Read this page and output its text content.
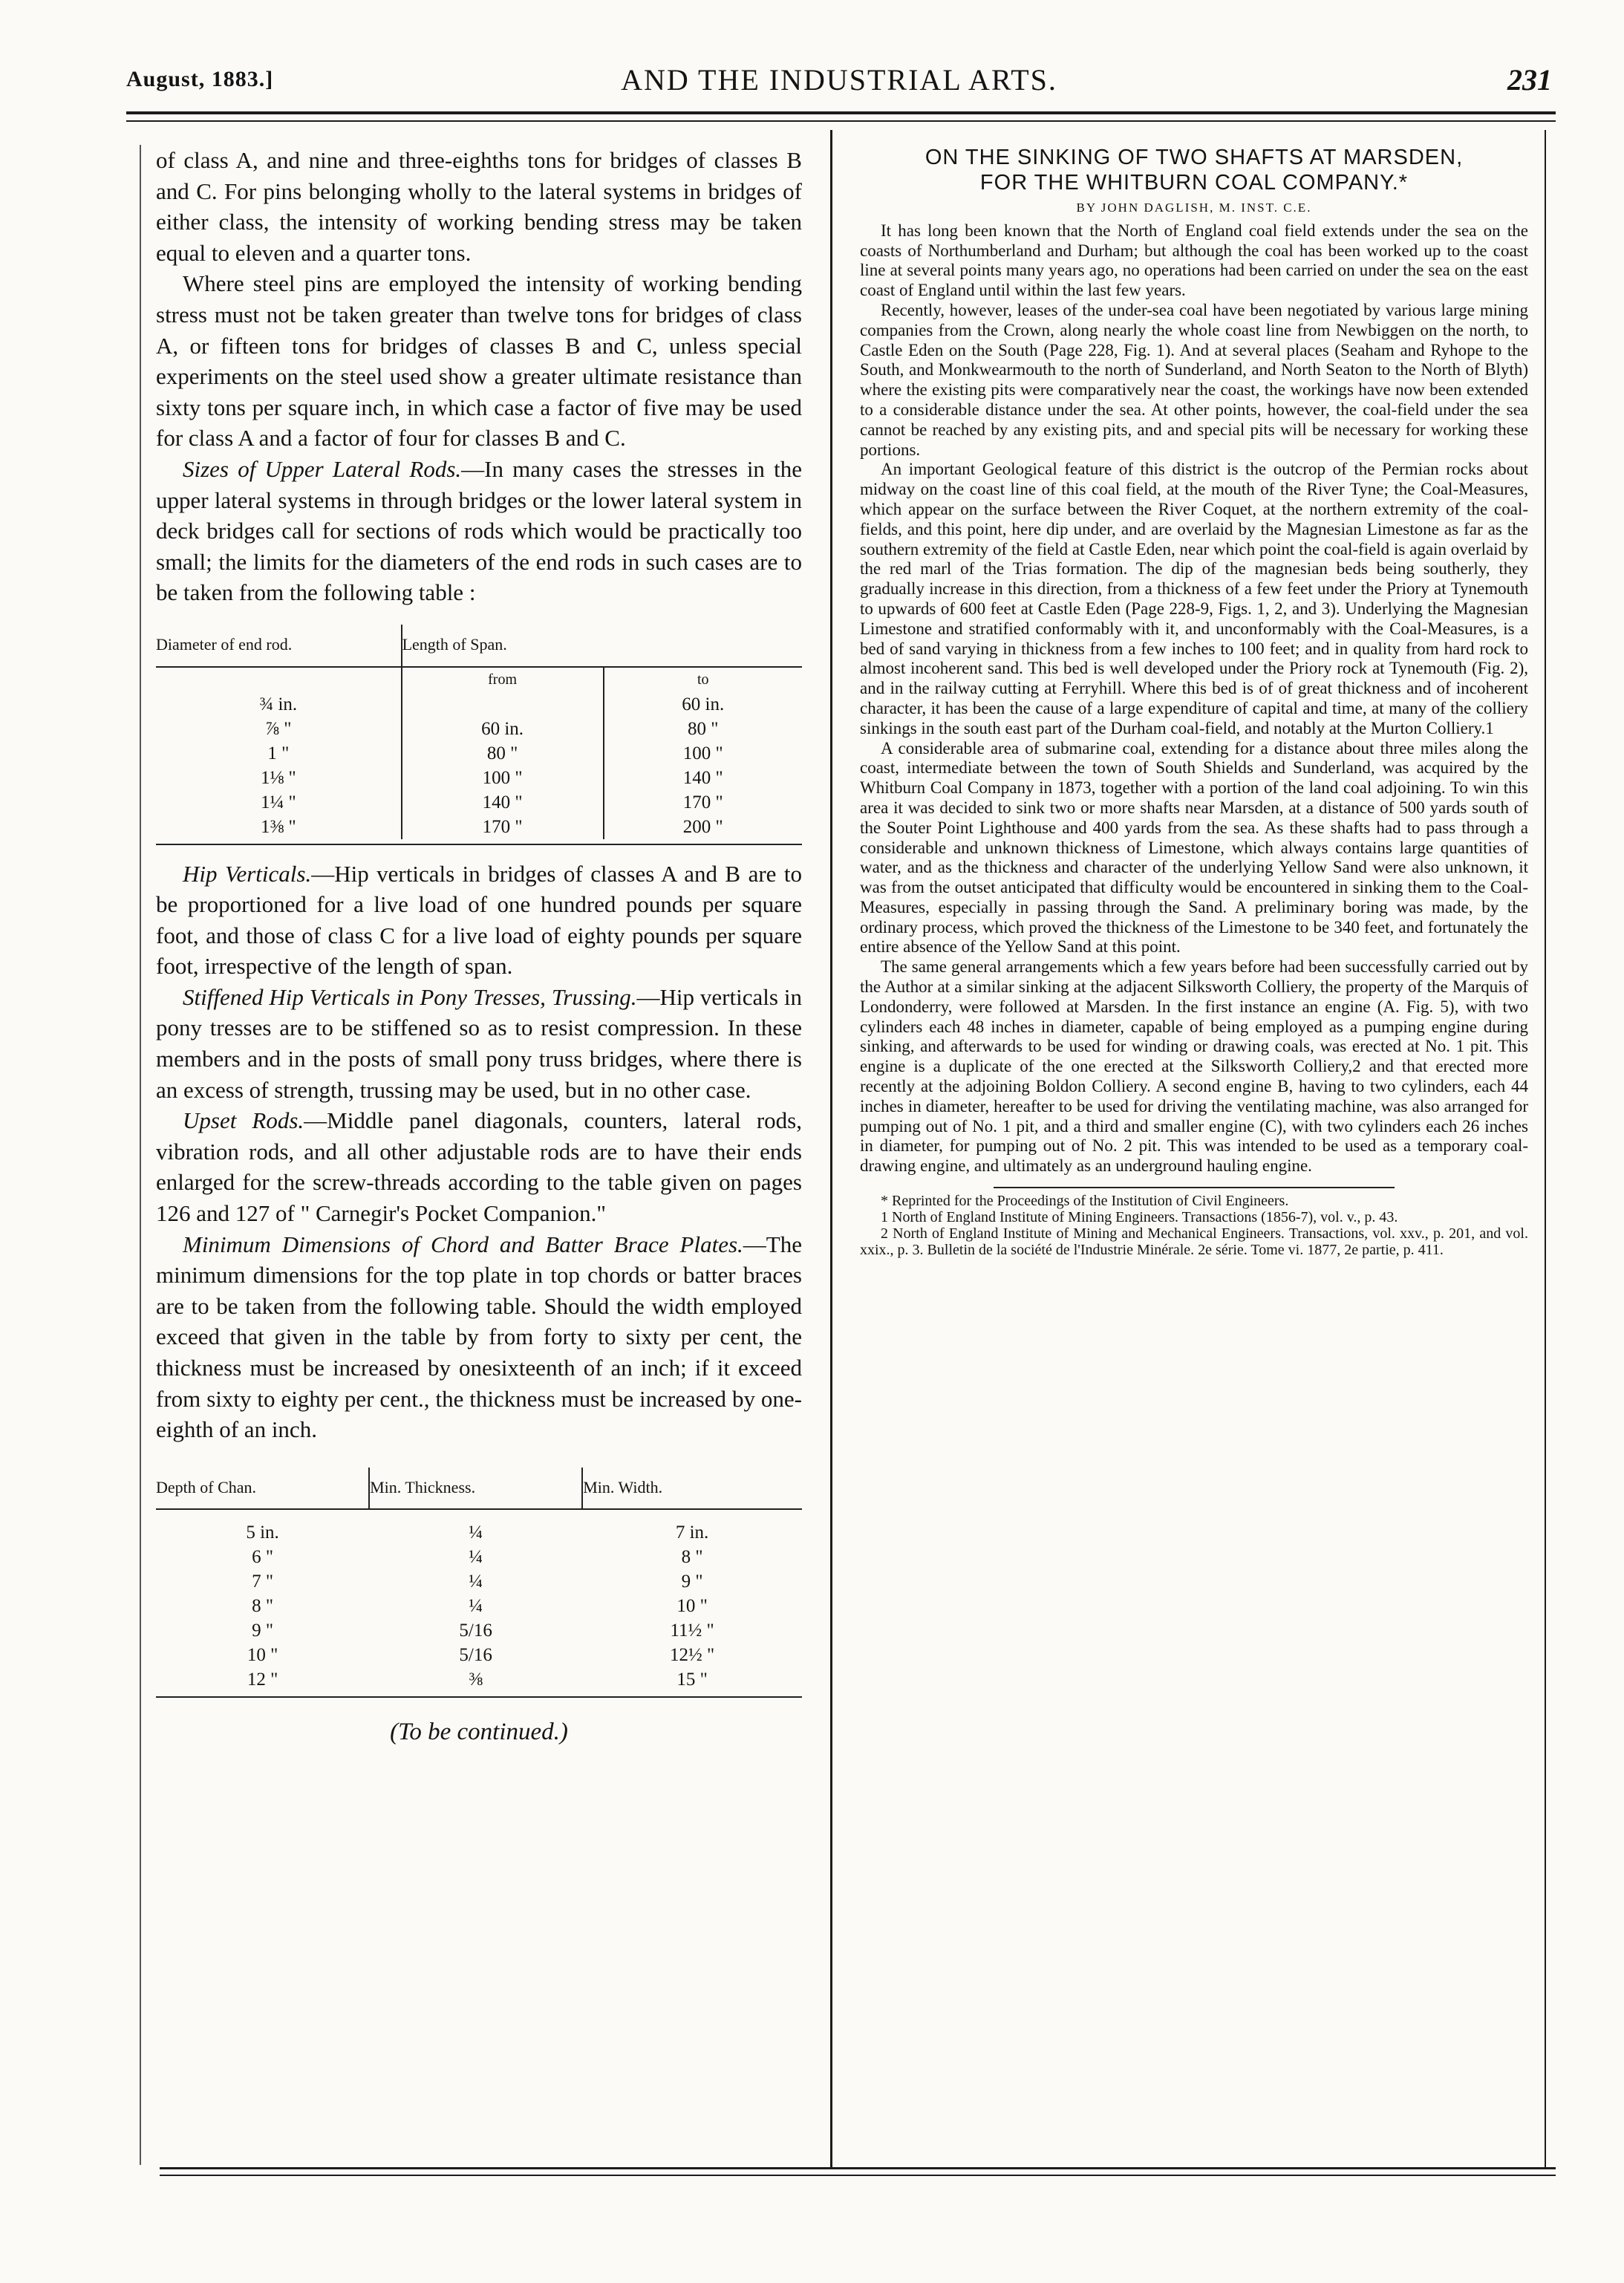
August, 1883.]	AND THE INDUSTRIAL ARTS.	231

of class A, and nine and three-eighths tons for bridges of classes B and C. For pins belonging wholly to the lateral systems in bridges of either class, the intensity of working bending stress may be taken equal to eleven and a quarter tons.

Where steel pins are employed the intensity of working bending stress must not be taken greater than twelve tons for bridges of class A, or fifteen tons for bridges of classes B and C, unless special experiments on the steel used show a greater ultimate resistance than sixty tons per square inch, in which case a factor of five may be used for class A and a factor of four for classes B and C.

Sizes of Upper Lateral Rods.—In many cases the stresses in the upper lateral systems in through bridges or the lower lateral system in deck bridges call for sections of rods which would be practically too small; the limits for the diameters of the end rods in such cases are to be taken from the following table :

Diameter of end rod.	Length of Span.	
	from	to
¾ in.		60 in.
⅞ "	60 in.	80 "
1 "	80 "	100 "
1⅛ "	100 "	140 "
1¼ "	140 "	170 "
1⅜ "	170 "	200 "

Hip Verticals.—Hip verticals in bridges of classes A and B are to be proportioned for a live load of one hundred pounds per square foot, and those of class C for a live load of eighty pounds per square foot, irrespective of the length of span.

Stiffened Hip Verticals in Pony Tresses, Trussing.—Hip verticals in pony tresses are to be stiffened so as to resist compression. In these members and in the posts of small pony truss bridges, where there is an excess of strength, trussing may be used, but in no other case.

Upset Rods.—Middle panel diagonals, counters, lateral rods, vibration rods, and all other adjustable rods are to have their ends enlarged for the screw-threads according to the table given on pages 126 and 127 of " Carnegir's Pocket Companion."

Minimum Dimensions of Chord and Batter Brace Plates.—The minimum dimensions for the top plate in top chords or batter braces are to be taken from the following table. Should the width employed exceed that given in the table by from forty to sixty per cent, the thickness must be increased by onesixteenth of an inch; if it exceed from sixty to eighty per cent., the thickness must be increased by one-eighth of an inch.

Depth of Chan.	Min. Thickness.	Min. Width.

5 in.	¼	7 in.
6 "	¼	8 "
7 "	¼	9 "
8 "	¼	10 "
9 "	5/16	11½ "
10 "	5/16	12½ "
12 "	⅜	15 "
(To be continued.)
ON THE SINKING OF TWO SHAFTS AT MARSDEN,
FOR THE WHITBURN COAL COMPANY.*
BY JOHN DAGLISH, M. INST. C.E.

It has long been known that the North of England coal field extends under the sea on the coasts of Northumberland and Durham; but although the coal has been worked up to the coast line at several points many years ago, no operations had been carried on under the sea on the east coast of England until within the last few years.

Recently, however, leases of the under-sea coal have been negotiated by various large mining companies from the Crown, along nearly the whole coast line from Newbiggen on the north, to Castle Eden on the South (Page 228, Fig. 1). And at several places (Seaham and Ryhope to the South, and Monkwearmouth to the north of Sunderland, and North Seaton to the North of Blyth) where the existing pits were comparatively near the coast, the workings have now been extended to a considerable distance under the sea. At other points, however, the coal-field under the sea cannot be reached by any existing pits, and and special pits will be necessary for working these portions.

An important Geological feature of this district is the outcrop of the Permian rocks about midway on the coast line of this coal field, at the mouth of the River Tyne; the Coal-Measures, which appear on the surface between the River Coquet, at the northern extremity of the coal-fields, and this point, here dip under, and are overlaid by the Magnesian Limestone as far as the southern extremity of the field at Castle Eden, near which point the coal-field is again overlaid by the red marl of the Trias formation. The dip of the magnesian beds being southerly, they gradually increase in this direction, from a thickness of a few feet under the Priory at Tynemouth to upwards of 600 feet at Castle Eden (Page 228-9, Figs. 1, 2, and 3). Underlying the Magnesian Limestone and stratified conformably with it, and unconformably with the Coal-Measures, is a bed of sand varying in thickness from a few inches to 100 feet; and in quality from hard rock to almost incoherent sand. This bed is well developed under the Priory rock at Tynemouth (Fig. 2), and in the railway cutting at Ferryhill. Where this bed is of of great thickness and of incoherent character, it has been the cause of a large expenditure of capital and time, at many of the colliery sinkings in the south east part of the Durham coal-field, and notably at the Murton Colliery.1

A considerable area of submarine coal, extending for a distance about three miles along the coast, intermediate between the town of South Shields and Sunderland, was acquired by the Whitburn Coal Company in 1873, together with a portion of the land coal adjoining. To win this area it was decided to sink two or more shafts near Marsden, at a distance of 500 yards south of the Souter Point Lighthouse and 400 yards from the sea. As these shafts had to pass through a considerable and unknown thickness of Limestone, which always contains large quantities of water, and as the thickness and character of the underlying Yellow Sand were also unknown, it was from the outset anticipated that difficulty would be encountered in sinking them to the Coal-Measures, especially in passing through the Sand. A preliminary boring was made, by the ordinary process, which proved the thickness of the Limestone to be 340 feet, and fortunately the entire absence of the Yellow Sand at this point.

The same general arrangements which a few years before had been successfully carried out by the Author at a similar sinking at the adjacent Silksworth Colliery, the property of the Marquis of Londonderry, were followed at Marsden. In the first instance an engine (A. Fig. 5), with two cylinders each 48 inches in diameter, capable of being employed as a pumping engine during sinking, and afterwards to be used for winding or drawing coals, was erected at No. 1 pit. This engine is a duplicate of the one erected at the Silksworth Colliery,2 and that erected more recently at the adjoining Boldon Colliery. A second engine B, having to two cylinders, each 44 inches in diameter, hereafter to be used for driving the ventilating machine, was also arranged for pumping out of No. 1 pit, and a third and smaller engine (C), with two cylinders each 26 inches in diameter, for pumping out of No. 2 pit. This was intended to be used as a temporary coal-drawing engine, and ultimately as an underground hauling engine.

* Reprinted for the Proceedings of the Institution of Civil Engineers.

1 North of England Institute of Mining Engineers. Transactions (1856-7), vol. v., p. 43.

2 North of England Institute of Mining and Mechanical Engineers. Transactions, vol. xxv., p. 201, and vol. xxix., p. 3. Bulletin de la société de l'Industrie Minérale. 2e série. Tome vi. 1877, 2e partie, p. 411.
